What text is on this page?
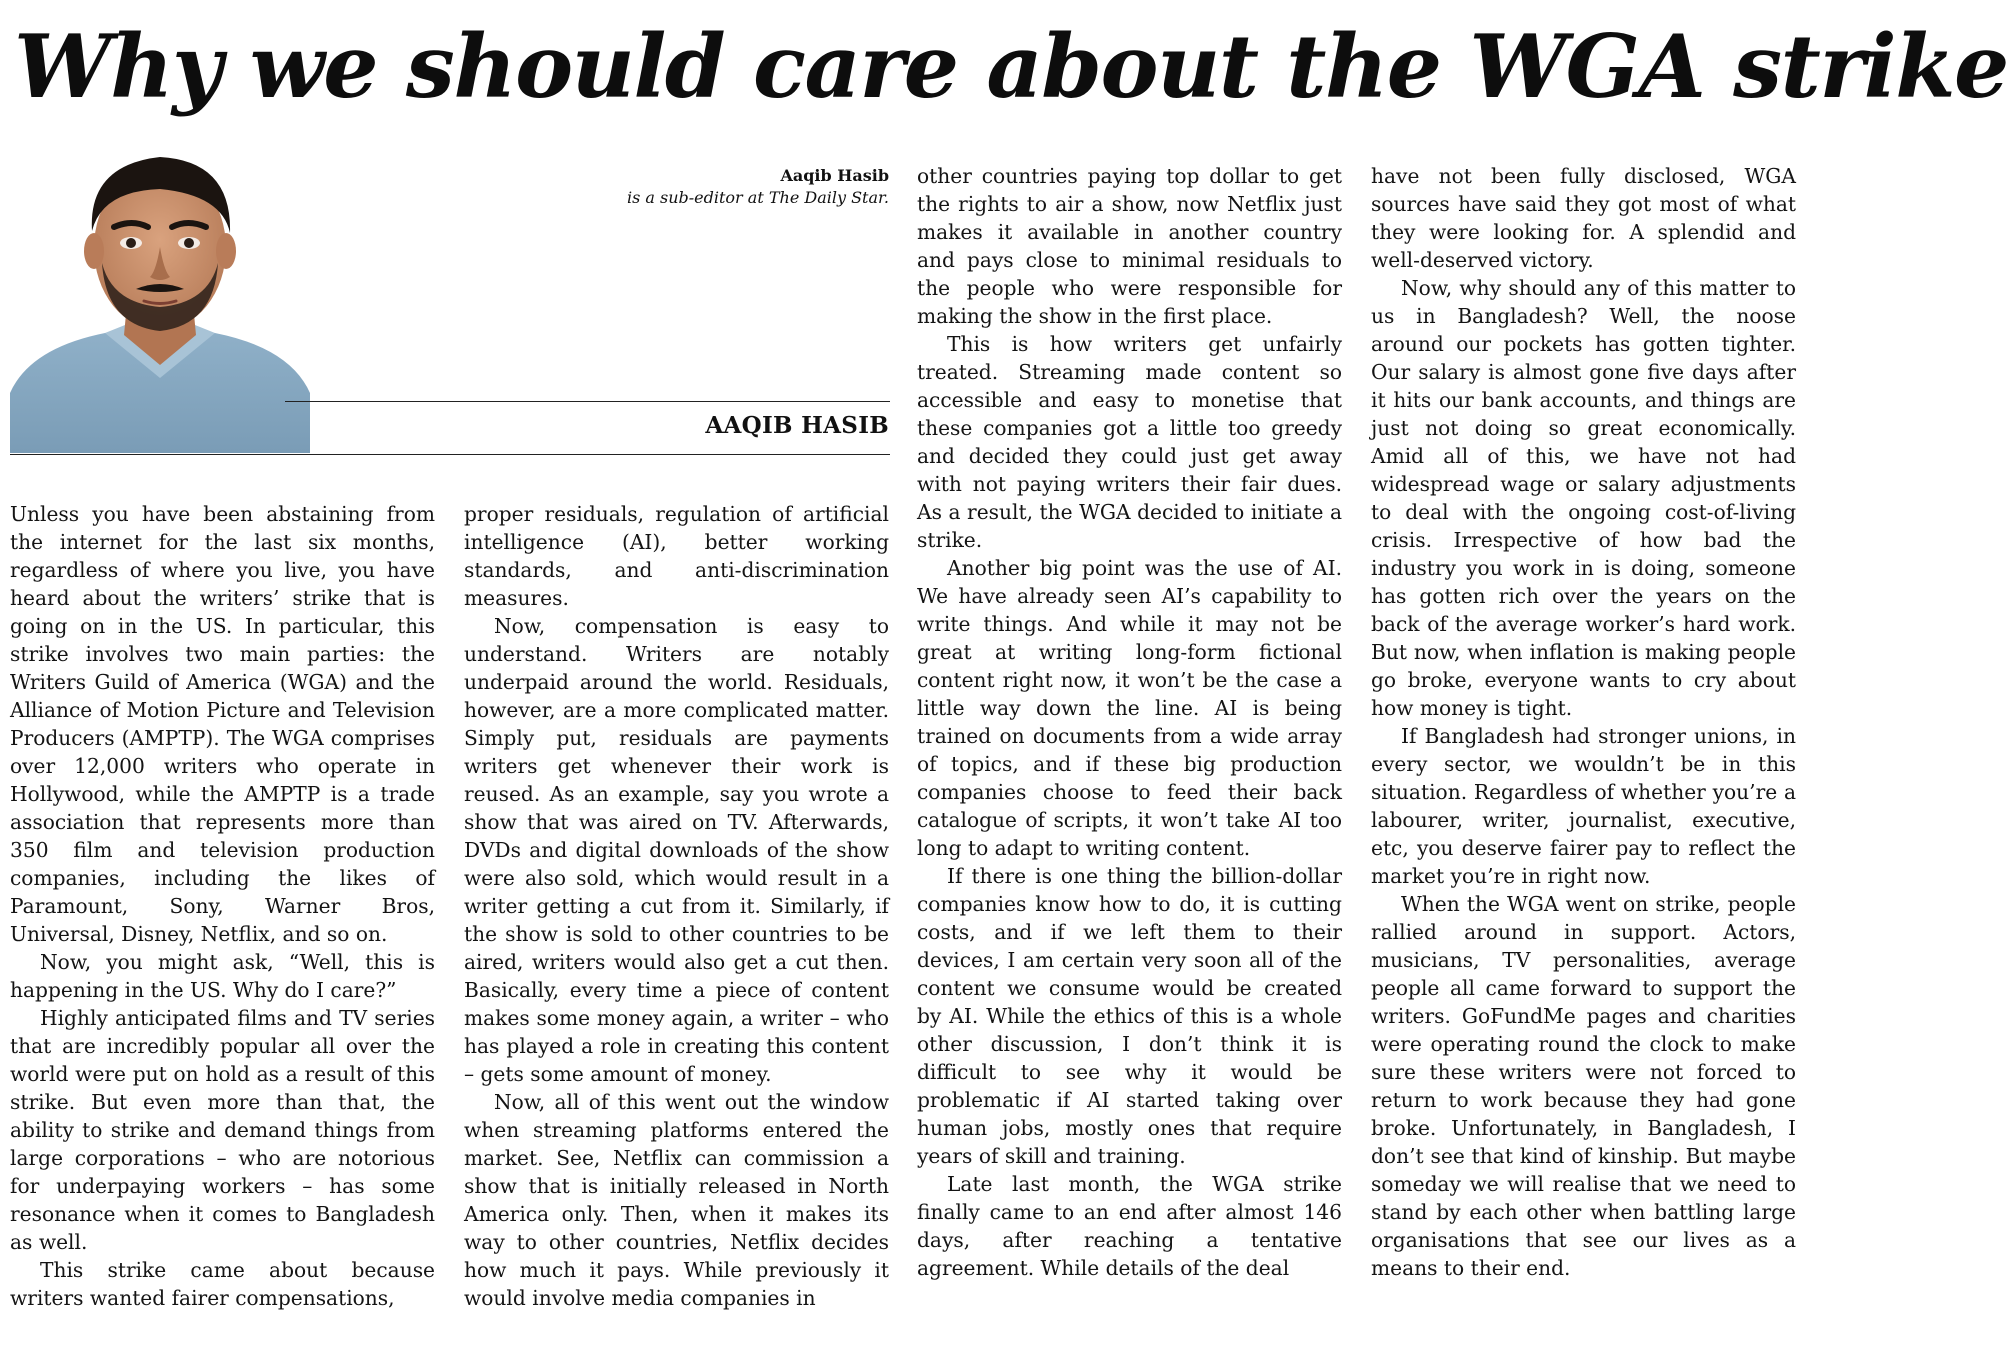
Why we should care about the WGA strike
Aaqib Hasib
is a sub-editor at The Daily Star.
AAQIB HASIB

Unless you have been abstaining from the internet for the last six months, regardless of where you live, you have heard about the writers’ strike that is going on in the US. In particular, this strike involves two main parties: the Writers Guild of America (WGA) and the Alliance of Motion Picture and Television Producers (AMPTP). The WGA comprises over 12,000 writers who operate in Hollywood, while the AMPTP is a trade association that represents more than 350 film and television production companies, including the likes of Paramount, Sony, Warner Bros, Universal, Disney, Netflix, and so on.

Now, you might ask, “Well, this is happening in the US. Why do I care?”

Highly anticipated films and TV series that are incredibly popular all over the world were put on hold as a result of this strike. But even more than that, the ability to strike and demand things from large corporations – who are notorious for underpaying workers – has some resonance when it comes to Bangladesh as well.

This strike came about because writers wanted fairer compensations,

proper residuals, regulation of artificial intelligence (AI), better working standards, and anti-discrimination measures.

Now, compensation is easy to understand. Writers are notably underpaid around the world. Residuals, however, are a more complicated matter. Simply put, residuals are payments writers get whenever their work is reused. As an example, say you wrote a show that was aired on TV. Afterwards, DVDs and digital downloads of the show were also sold, which would result in a writer getting a cut from it. Similarly, if the show is sold to other countries to be aired, writers would also get a cut then. Basically, every time a piece of content makes some money again, a writer – who has played a role in creating this content – gets some amount of money.

Now, all of this went out the window when streaming platforms entered the market. See, Netflix can commission a show that is initially released in North America only. Then, when it makes its way to other countries, Netflix decides how much it pays. While previously it would involve media companies in

other countries paying top dollar to get the rights to air a show, now Netflix just makes it available in another country and pays close to minimal residuals to the people who were responsible for making the show in the first place.

This is how writers get unfairly treated. Streaming made content so accessible and easy to monetise that these companies got a little too greedy and decided they could just get away with not paying writers their fair dues. As a result, the WGA decided to initiate a strike.

Another big point was the use of AI. We have already seen AI’s capability to write things. And while it may not be great at writing long-form fictional content right now, it won’t be the case a little way down the line. AI is being trained on documents from a wide array of topics, and if these big production companies choose to feed their back catalogue of scripts, it won’t take AI too long to adapt to writing content.

If there is one thing the billion-dollar companies know how to do, it is cutting costs, and if we left them to their devices, I am certain very soon all of the content we consume would be created by AI. While the ethics of this is a whole other discussion, I don’t think it is difficult to see why it would be problematic if AI started taking over human jobs, mostly ones that require years of skill and training.

Late last month, the WGA strike finally came to an end after almost 146 days, after reaching a tentative agreement. While details of the deal

have not been fully disclosed, WGA sources have said they got most of what they were looking for. A splendid and well-deserved victory.

Now, why should any of this matter to us in Bangladesh? Well, the noose around our pockets has gotten tighter. Our salary is almost gone five days after it hits our bank accounts, and things are just not doing so great economically. Amid all of this, we have not had widespread wage or salary adjustments to deal with the ongoing cost-of-living crisis. Irrespective of how bad the industry you work in is doing, someone has gotten rich over the years on the back of the average worker’s hard work. But now, when inflation is making people go broke, everyone wants to cry about how money is tight.

If Bangladesh had stronger unions, in every sector, we wouldn’t be in this situation. Regardless of whether you’re a labourer, writer, journalist, executive, etc, you deserve fairer pay to reflect the market you’re in right now.

When the WGA went on strike, people rallied around in support. Actors, musicians, TV personalities, average people all came forward to support the writers. GoFundMe pages and charities were operating round the clock to make sure these writers were not forced to return to work because they had gone broke. Unfortunately, in Bangladesh, I don’t see that kind of kinship. But maybe someday we will realise that we need to stand by each other when battling large organisations that see our lives as a means to their end.
